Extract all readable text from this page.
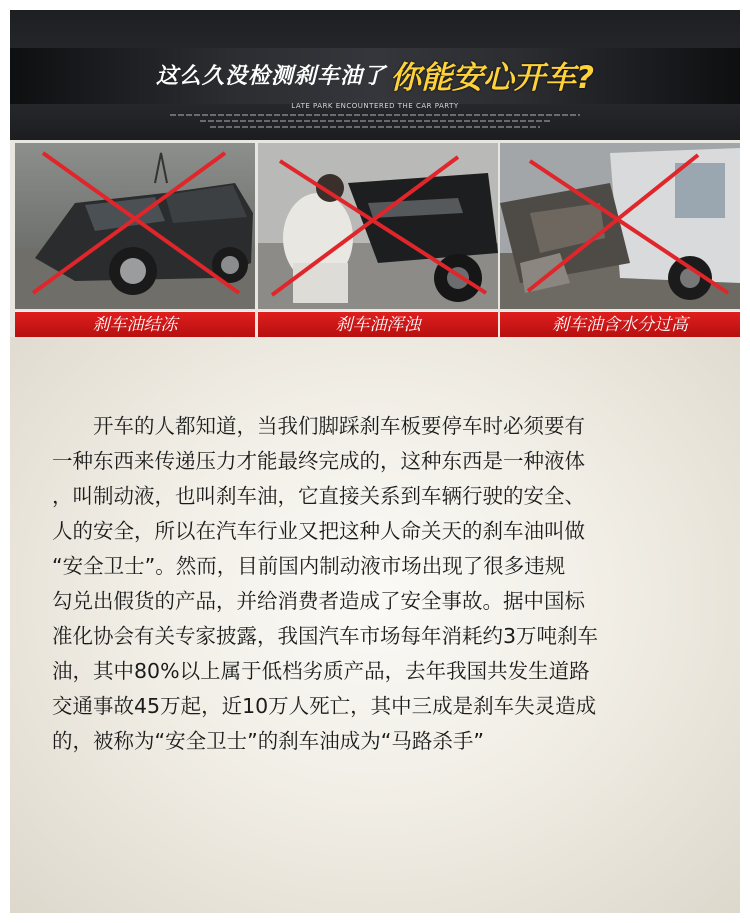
这么久没检测刹车油了 你能安心开车?
LATE PARK ENCOUNTERED THE CAR PARTY
刹车油结冻	刹车油浑浊	刹车油含水分过高
　　开车的人都知道，当我们脚踩刹车板要停车时必须要有
一种东西来传递压力才能最终完成的，这种东西是一种液体
，叫制动液，也叫刹车油，它直接关系到车辆行驶的安全、
人的安全，所以在汽车行业又把这种人命关天的刹车油叫做
“安全卫士”。然而，目前国内制动液市场出现了很多违规
勾兑出假货的产品，并给消费者造成了安全事故。据中国标
准化协会有关专家披露，我国汽车市场每年消耗约3万吨刹车
油，其中80%以上属于低档劣质产品，去年我国共发生道路
交通事故45万起，近10万人死亡，其中三成是刹车失灵造成
的，被称为“安全卫士”的刹车油成为“马路杀手”
